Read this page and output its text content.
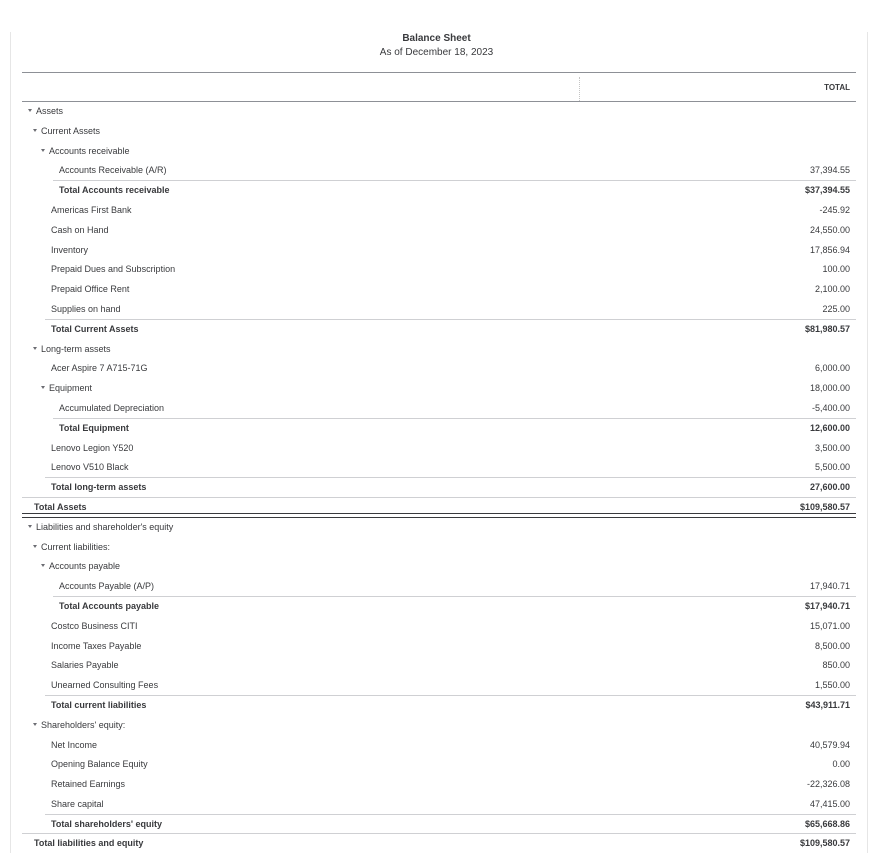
Balance Sheet
As of December 18, 2023
TOTAL
Assets
Current Assets
Accounts receivable
Accounts Receivable (A/R)	37,394.55
Total Accounts receivable	$37,394.55
Americas First Bank	-245.92
Cash on Hand	24,550.00
Inventory	17,856.94
Prepaid Dues and Subscription	100.00
Prepaid Office Rent	2,100.00
Supplies on hand	225.00
Total Current Assets	$81,980.57
Long-term assets
Acer Aspire 7 A715-71G	6,000.00
Equipment	18,000.00
Accumulated Depreciation	-5,400.00
Total Equipment	12,600.00
Lenovo Legion Y520	3,500.00
Lenovo V510 Black	5,500.00
Total long-term assets	27,600.00
Total Assets	$109,580.57
Liabilities and shareholder's equity
Current liabilities:
Accounts payable
Accounts Payable (A/P)	17,940.71
Total Accounts payable	$17,940.71
Costco Business CITI	15,071.00
Income Taxes Payable	8,500.00
Salaries Payable	850.00
Unearned Consulting Fees	1,550.00
Total current liabilities	$43,911.71
Shareholders' equity:
Net Income	40,579.94
Opening Balance Equity	0.00
Retained Earnings	-22,326.08
Share capital	47,415.00
Total shareholders' equity	$65,668.86
Total liabilities and equity	$109,580.57
